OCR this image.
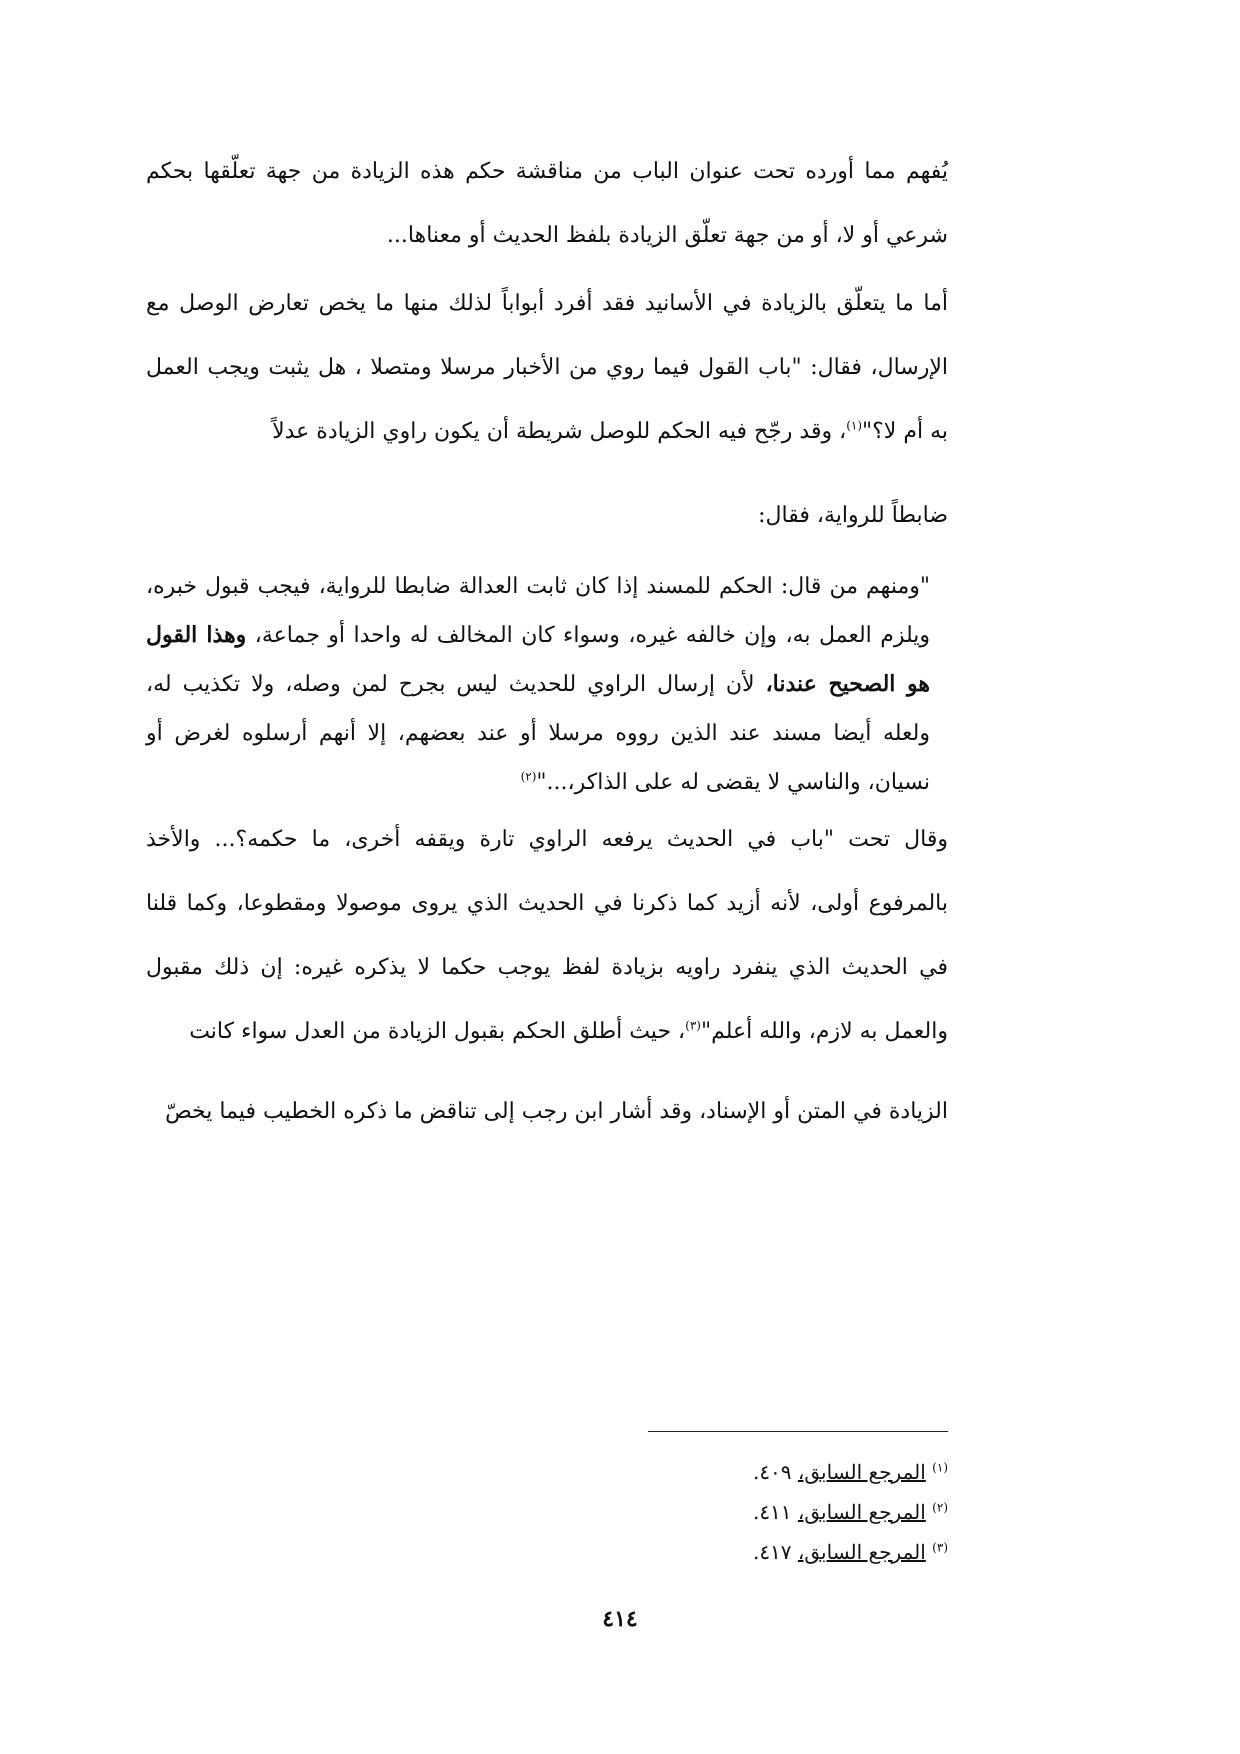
يُفهم مما أورده تحت عنوان الباب من مناقشة حكم هذه الزيادة من جهة تعلّقها بحكم شرعي أو لا، أو من جهة تعلّق الزيادة بلفظ الحديث أو معناها...
أما ما يتعلّق بالزيادة في الأسانيد فقد أفرد أبواباً لذلك منها ما يخص تعارض الوصل مع الإرسال، فقال: "باب القول فيما روي من الأخبار مرسلا ومتصلا ، هل يثبت ويجب العمل به أم لا؟"$^{(١)}$، وقد رجّح فيه الحكم للوصل شريطة أن يكون راوي الزيادة عدلاً
ضابطاً للرواية، فقال:
"ومنهم من قال: الحكم للمسند إذا كان ثابت العدالة ضابطا للرواية، فيجب قبول خبره، ويلزم العمل به، وإن خالفه غيره، وسواء كان المخالف له واحدا أو جماعة، وهذا القول هو الصحيح عندنا، لأن إرسال الراوي للحديث ليس بجرح لمن وصله، ولا تكذيب له، ولعله أيضا مسند عند الذين رووه مرسلا أو عند بعضهم، إلا أنهم أرسلوه لغرض أو نسيان، والناسي لا يقضى له على الذاكر،..."$^{(٢)}$
وقال تحت "باب في الحديث يرفعه الراوي تارة ويقفه أخرى، ما حكمه؟... والأخذ بالمرفوع أولى، لأنه أزيد كما ذكرنا في الحديث الذي يروى موصولا ومقطوعا، وكما قلنا في الحديث الذي ينفرد راويه بزيادة لفظ يوجب حكما لا يذكره غيره: إن ذلك مقبول والعمل به لازم، والله أعلم"$^{(٣)}$، حيث أطلق الحكم بقبول الزيادة من العدل سواء كانت
الزيادة في المتن أو الإسناد، وقد أشار ابن رجب إلى تناقض ما ذكره الخطيب فيما يخصّ
$^{(١)}$ المرجع السابق، ٤٠٩.
$^{(٢)}$ المرجع السابق، ٤١١.
$^{(٣)}$ المرجع السابق، ٤١٧.
٤١٤
